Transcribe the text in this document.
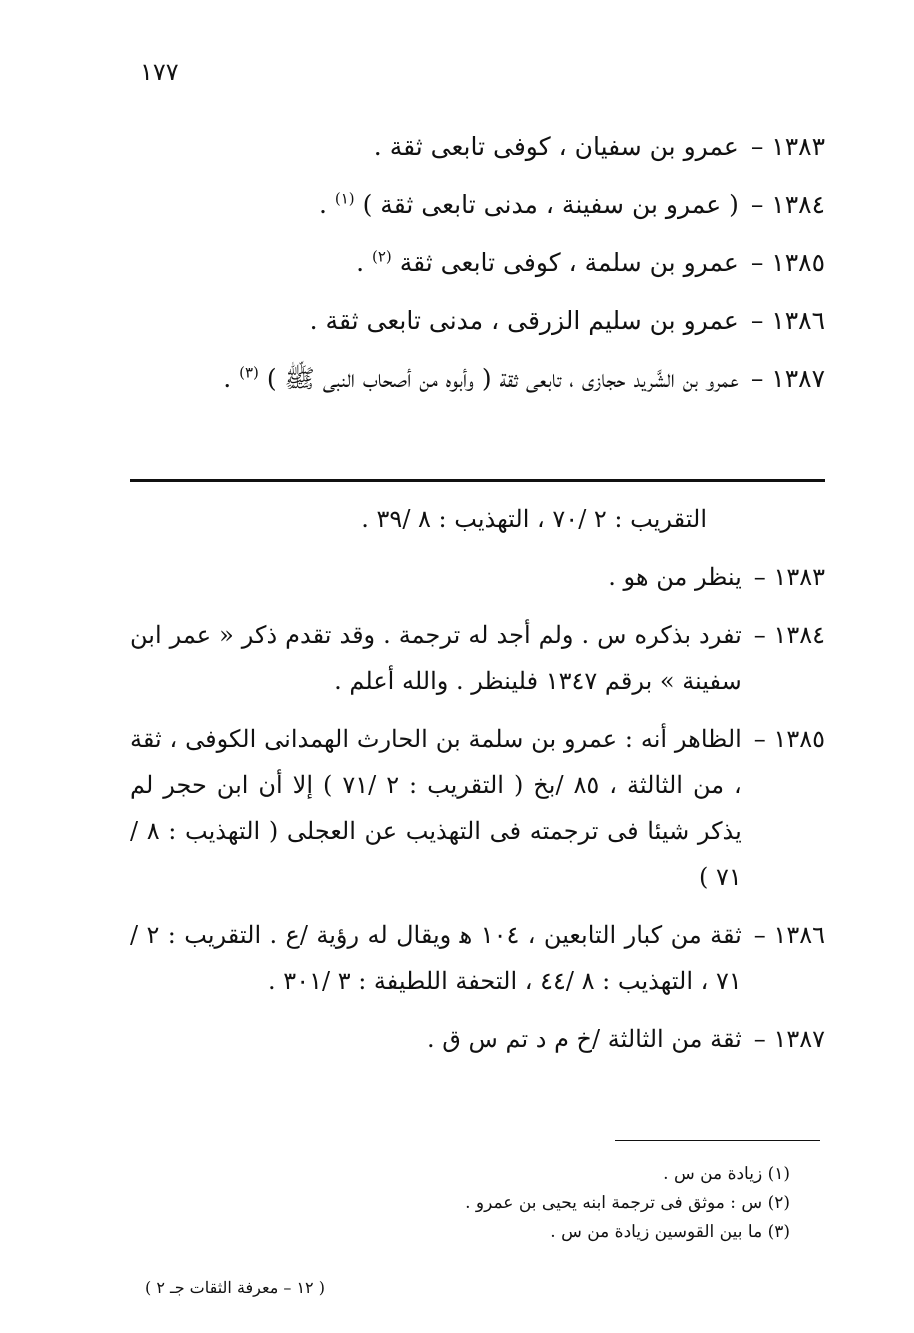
١٧٧
١٣٨٣ –
عمرو بن سفيان ، كوفى تابعى ثقة .
١٣٨٤ –
( عمرو بن سفينة ، مدنى تابعى ثقة ) $^{(١)}$ .
١٣٨٥ –
عمرو بن سلمة ، كوفى تابعى ثقة $^{(٢)}$ .
١٣٨٦ –
عمرو بن سليم الزرقى ، مدنى تابعى ثقة .
١٣٨٧ –
عمرو بن الشَّريد حجازى ، تابعى ثقة ( وأبوه من أصحاب النبى ﷺ ) $^{(٣)}$ .
التقريب : ٢ /٧٠ ، التهذيب : ٨ /٣٩ .
١٣٨٣ –
ينظر من هو .
١٣٨٤ –
تفرد بذكره س . ولم أجد له ترجمة . وقد تقدم ذكر « عمر ابن سفينة » برقم ١٣٤٧ فلينظر . والله أعلم .
١٣٨٥ –
الظاهر أنه : عمرو بن سلمة بن الحارث الهمدانى الكوفى ، ثقة ، من الثالثة ، ٨٥ /بخ ( التقريب : ٢ /٧١ ) إلا أن ابن حجر لم يذكر شيئا فى ترجمته فى التهذيب عن العجلى ( التهذيب : ٨ /٧١ )
١٣٨٦ –
ثقة من كبار التابعين ، ١٠٤ ﻫ ويقال له رؤية /ع . التقريب : ٢ /٧١ ، التهذيب : ٨ /٤٤ ، التحفة اللطيفة : ٣ /٣٠١ .
١٣٨٧ –
ثقة من الثالثة /خ م د تم س ق .
(١) زيادة من س .
(٢) س : موثق فى ترجمة ابنه يحيى بن عمرو .
(٣) ما بين القوسين زيادة من س .
( ١٢ – معرفة الثقات جـ ٢ )
